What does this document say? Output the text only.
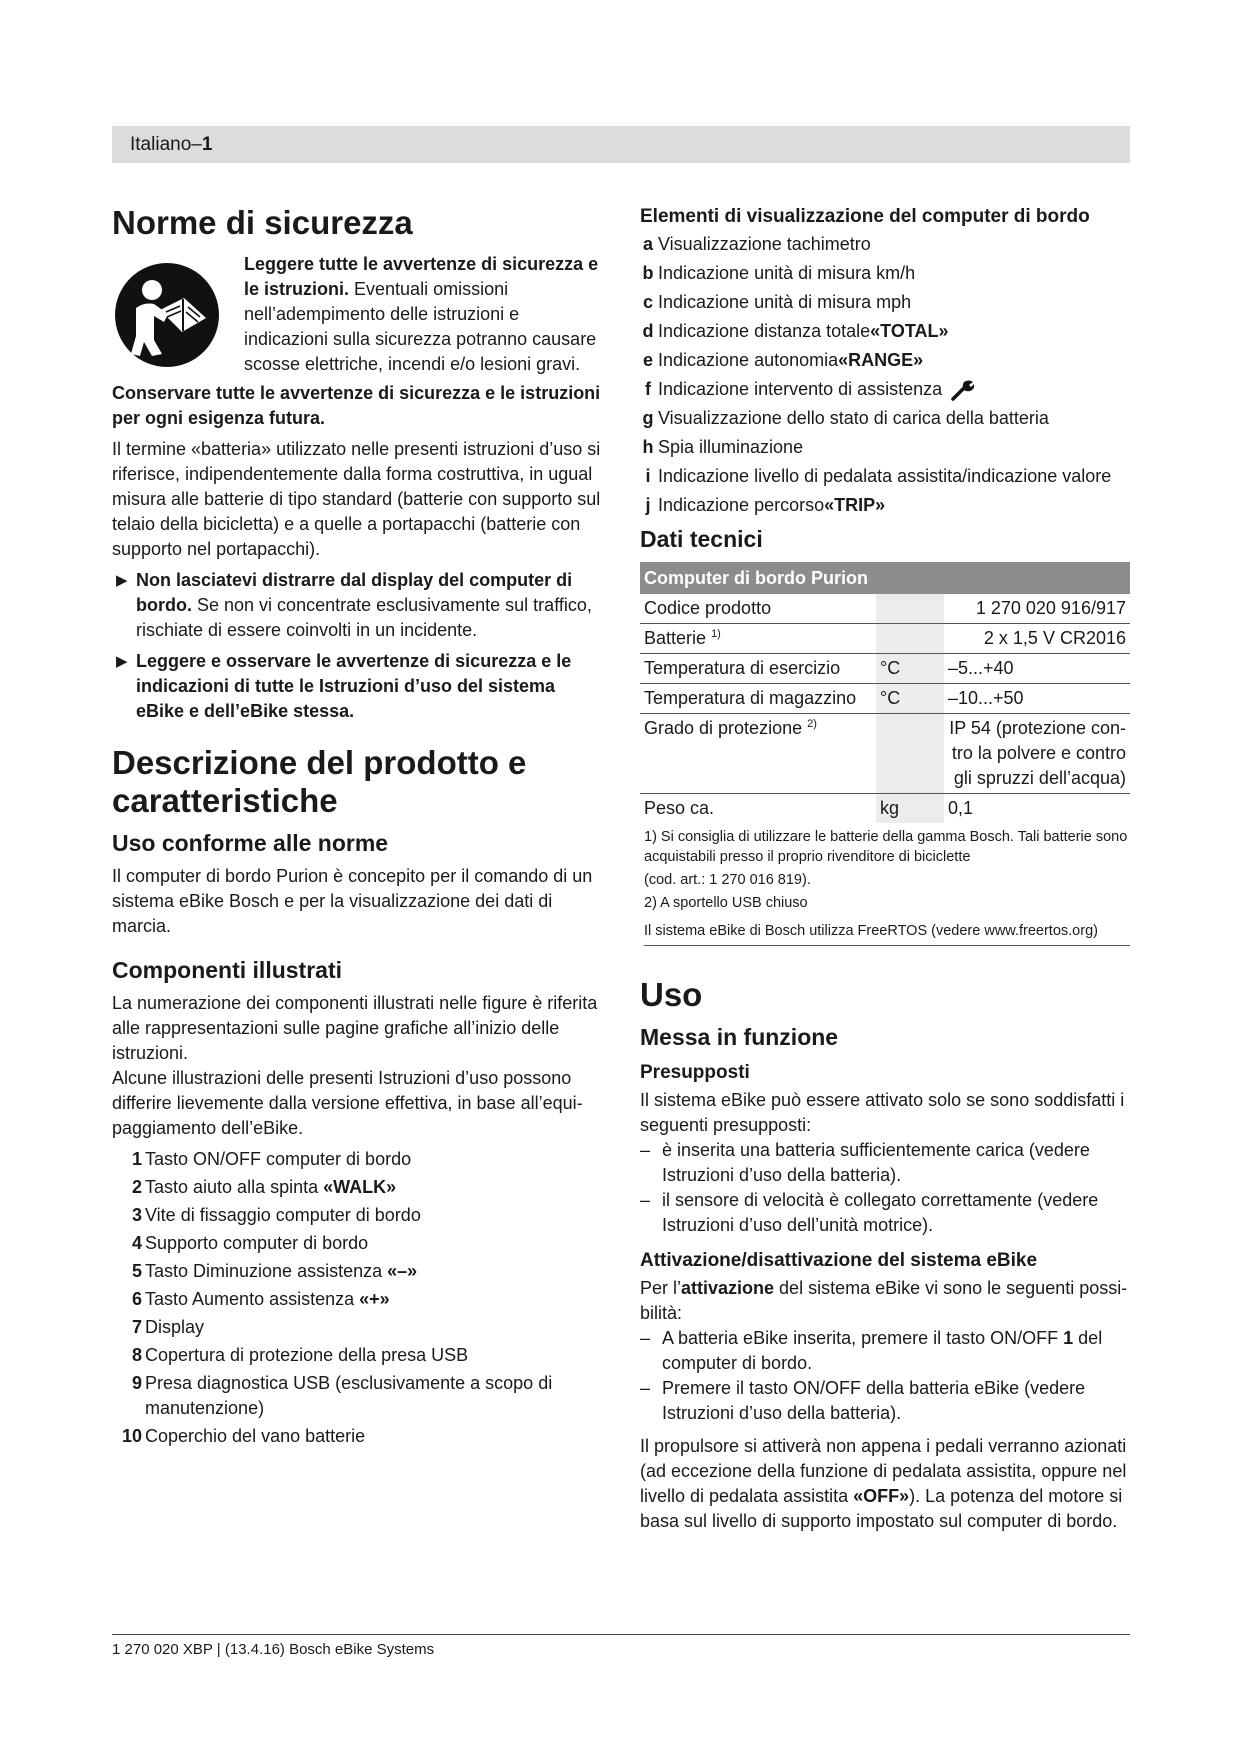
Italiano–1
Norme di sicurezza
Leggere tutte le avvertenze di sicurezza e le istruzioni. Eventuali omissioni nell’adempimento delle istruzioni e indicazioni sulla sicurezza potranno causare scosse elettriche, incendi e/o lesioni gravi.

Conservare tutte le avvertenze di sicurezza e le istruzioni per ogni esigenza futura.

Il termine «batteria» utilizzato nelle presenti istruzioni d’uso si riferisce, indipendentemente dalla forma costruttiva, in ugual misura alle batterie di tipo standard (batterie con supporto sul telaio della bicicletta) e a quelle a portapacchi (batterie con supporto nel portapacchi).

▶ Non lasciatevi distrarre dal display del computer di bordo. Se non vi concentrate esclusivamente sul traffico, rischiate di essere coinvolti in un incidente.

▶ Leggere e osservare le avvertenze di sicurezza e le indicazioni di tutte le Istruzioni d’uso del sistema eBike e dell’eBike stessa.

Descrizione del prodotto e caratteristiche
Uso conforme alle norme

Il computer di bordo Purion è concepito per il comando di un sistema eBike Bosch e per la visualizzazione dei dati di marcia.

Componenti illustrati

La numerazione dei componenti illustrati nelle figure è riferita alle rappresentazioni sulle pagine grafiche all’inizio delle istruzioni.

Alcune illustrazioni delle presenti Istruzioni d’uso possono differire lievemente dalla versione effettiva, in base all’equipaggiamento dell’eBike.

1 Tasto ON/OFF computer di bordo
2 Tasto aiuto alla spinta «WALK»
3 Vite di fissaggio computer di bordo
4 Supporto computer di bordo
5 Tasto Diminuzione assistenza «–»
6 Tasto Aumento assistenza «+»
7 Display
8 Copertura di protezione della presa USB
9 Presa diagnostica USB (esclusivamente a scopo di manutenzione)
10 Coperchio del vano batterie
Elementi di visualizzazione del computer di bordo
a Visualizzazione tachimetro
b Indicazione unità di misura km/h
c Indicazione unità di misura mph
d Indicazione distanza totale «TOTAL»
e Indicazione autonomia «RANGE»
f Indicazione intervento di assistenza
g Visualizzazione dello stato di carica della batteria
h Spia illuminazione
i Indicazione livello di pedalata assistita/indicazione valore
j Indicazione percorso «TRIP»
Dati tecnici
Computer di bordo Purion		
Codice prodotto		1 270 020 916/917
Batterie $^{1)}$		2 x 1,5 V CR2016
Temperatura di esercizio	°C	–5...+40
Temperatura di magazzino	°C	–10...+50
Grado di protezione $^{2)}$		IP 54 (protezione contro la polvere e contro gli spruzzi dell’acqua)
Peso ca.	kg	0,1

1) Si consiglia di utilizzare le batterie della gamma Bosch. Tali batterie sono acquistabili presso il proprio rivenditore di biciclette

(cod. art.: 1 270 016 819).

2) A sportello USB chiuso

Il sistema eBike di Bosch utilizza FreeRTOS (vedere www.freertos.org)

Uso
Messa in funzione
Presupposti

Il sistema eBike può essere attivato solo se sono soddisfatti i seguenti presupposti:

– è inserita una batteria sufficientemente carica (vedere Istruzioni d’uso della batteria).

– il sensore di velocità è collegato correttamente (vedere Istruzioni d’uso dell’unità motrice).

Attivazione/disattivazione del sistema eBike

Per l’attivazione del sistema eBike vi sono le seguenti possibilità:

– A batteria eBike inserita, premere il tasto ON/OFF 1 del computer di bordo.

– Premere il tasto ON/OFF della batteria eBike (vedere Istruzioni d’uso della batteria).

Il propulsore si attiverà non appena i pedali verranno azionati (ad eccezione della funzione di pedalata assistita, oppure nel livello di pedalata assistita «OFF»). La potenza del motore si basa sul livello di supporto impostato sul computer di bordo.

1 270 020 XBP | (13.4.16) Bosch eBike Systems
